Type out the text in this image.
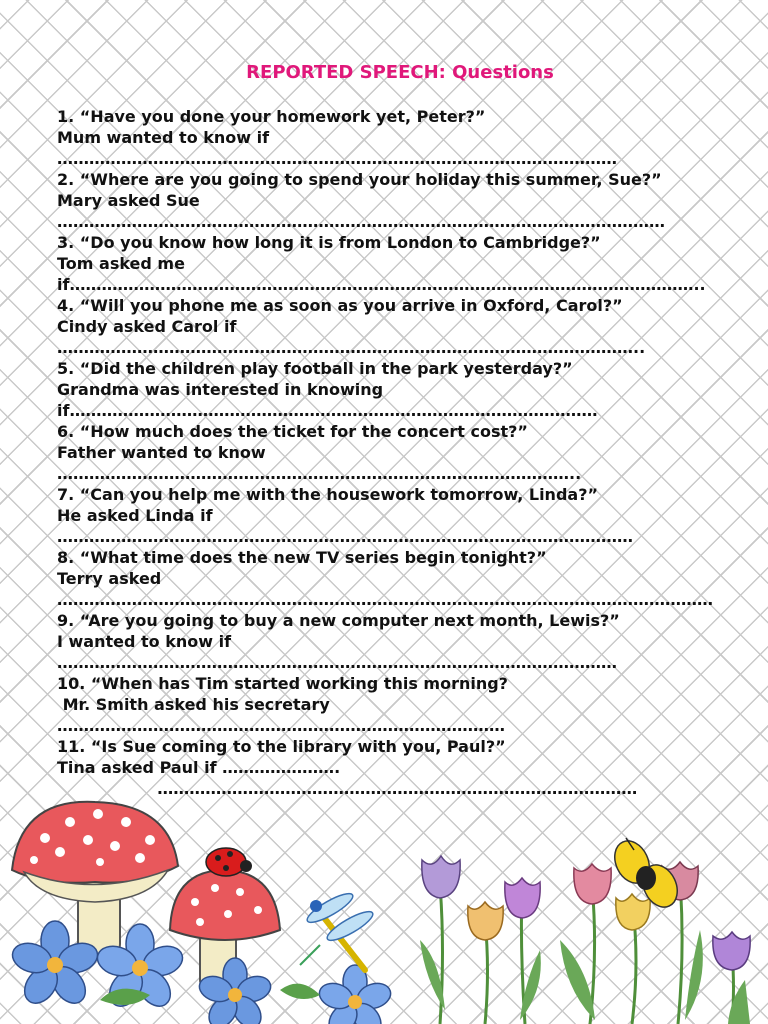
REPORTED SPEECH: Questions
1. “Have you done your homework yet, Peter?”
Mum wanted to know if
……………………………………………………………………………………………
2. “Where are you going to spend your holiday this summer, Sue?”
Mary asked Sue
……………………………………………………………………………………………………
3. “Do you know how long it is from London to Cambridge?”
Tom asked me
if………………………………………………………………………………………………………..
4. “Will you phone me as soon as you arrive in Oxford, Carol?”
Cindy asked Carol if
………………………………………………………………………………………………..
5. “Did the children play football in the park yesterday?”
Grandma was interested in knowing
if………………………………………………………………………………………
6. “How much does the ticket for the concert cost?”
Father wanted to know
……………………………………………………………………………………..
7. “Can you help me with the housework tomorrow, Linda?”
He asked Linda if
………………………………………………………………………………………………
8. “What time does the new TV series begin tonight?”
Terry asked
……………………………………………………………………………………………………………
9. “Are you going to buy a new computer next month, Lewis?”
I wanted to know if
……………………………………………………………………………………………
10. “When has Tim started working this morning?
Mr. Smith asked his secretary
…………………………………………………………………………
11. “Is Sue coming to the library with you, Paul?”
Tina asked Paul if ………………….
………………………………………………………………………………
